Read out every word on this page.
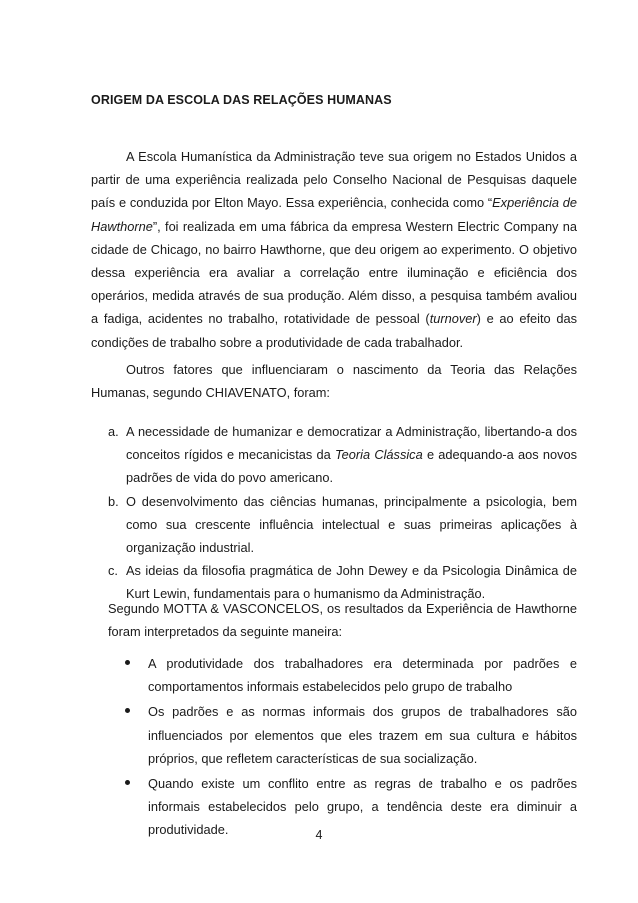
ORIGEM DA ESCOLA DAS RELAÇÕES HUMANAS

A Escola Humanística da Administração teve sua origem no Estados Unidos a partir de uma experiência realizada pelo Conselho Nacional de Pesquisas daquele país e conduzida por Elton Mayo. Essa experiência, conhecida como “Experiência de Hawthorne”, foi realizada em uma fábrica da empresa Western Electric Company na cidade de Chicago, no bairro Hawthorne, que deu origem ao experimento. O objetivo dessa experiência era avaliar a correlação entre iluminação e eficiência dos operários, medida através de sua produção. Além disso, a pesquisa também avaliou a fadiga, acidentes no trabalho, rotatividade de pessoal (turnover) e ao efeito das condições de trabalho sobre a produtividade de cada trabalhador.

Outros fatores que influenciaram o nascimento da Teoria das Relações Humanas, segundo CHIAVENATO, foram:

a. A necessidade de humanizar e democratizar a Administração, libertando-a dos conceitos rígidos e mecanicistas da Teoria Clássica e adequando-a aos novos padrões de vida do povo americano.
b. O desenvolvimento das ciências humanas, principalmente a psicologia, bem como sua crescente influência intelectual e suas primeiras aplicações à organização industrial.
c. As ideias da filosofia pragmática de John Dewey e da Psicologia Dinâmica de Kurt Lewin, fundamentais para o humanismo da Administração.

Segundo MOTTA & VASCONCELOS, os resultados da Experiência de Hawthorne foram interpretados da seguinte maneira:

A produtividade dos trabalhadores era determinada por padrões e comportamentos informais estabelecidos pelo grupo de trabalho
Os padrões e as normas informais dos grupos de trabalhadores são influenciados por elementos que eles trazem em sua cultura e hábitos próprios, que refletem características de sua socialização.
Quando existe um conflito entre as regras de trabalho e os padrões informais estabelecidos pelo grupo, a tendência deste era diminuir a produtividade.	4
